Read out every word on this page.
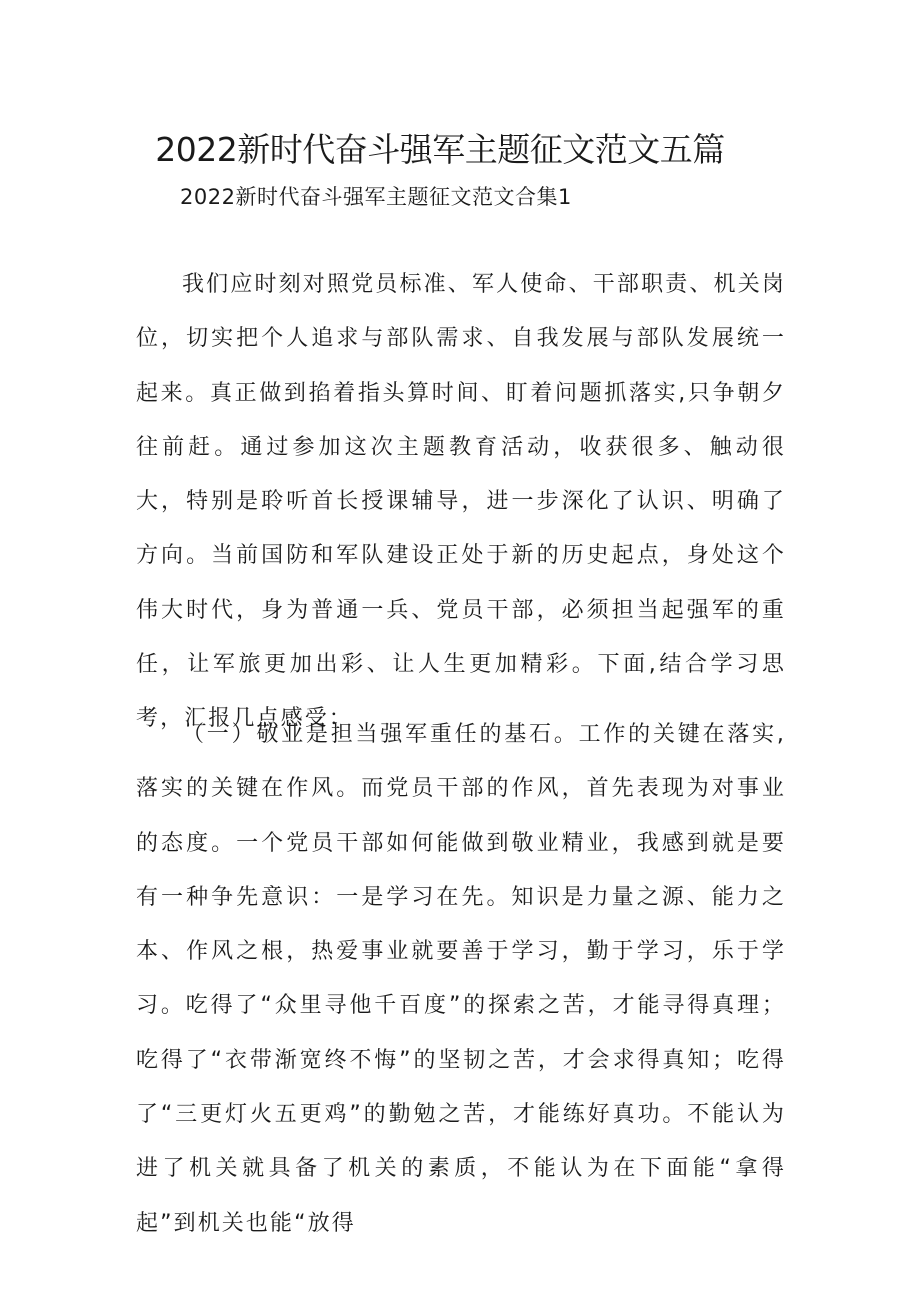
2022新时代奋斗强军主题征文范文五篇

2022新时代奋斗强军主题征文范文合集1

我们应时刻对照党员标准、军人使命、干部职责、机关岗位，切实把个人追求与部队需求、自我发展与部队发展统一起来。真正做到掐着指头算时间、盯着问题抓落实,只争朝夕往前赶。通过参加这次主题教育活动，收获很多、触动很大，特别是聆听首长授课辅导，进一步深化了认识、明确了方向。当前国防和军队建设正处于新的历史起点，身处这个伟大时代，身为普通一兵、党员干部，必须担当起强军的重任，让军旅更加出彩、让人生更加精彩。下面,结合学习思考，汇报几点感受：

（一）敬业是担当强军重任的基石。工作的关键在落实,落实的关键在作风。而党员干部的作风，首先表现为对事业的态度。一个党员干部如何能做到敬业精业，我感到就是要有一种争先意识：一是学习在先。知识是力量之源、能力之本、作风之根，热爱事业就要善于学习，勤于学习，乐于学习。吃得了“众里寻他千百度”的探索之苦，才能寻得真理；吃得了“衣带渐宽终不悔”的坚韧之苦，才会求得真知；吃得了“三更灯火五更鸡”的勤勉之苦，才能练好真功。不能认为进了机关就具备了机关的素质，不能认为在下面能“拿得起”到机关也能“放得
